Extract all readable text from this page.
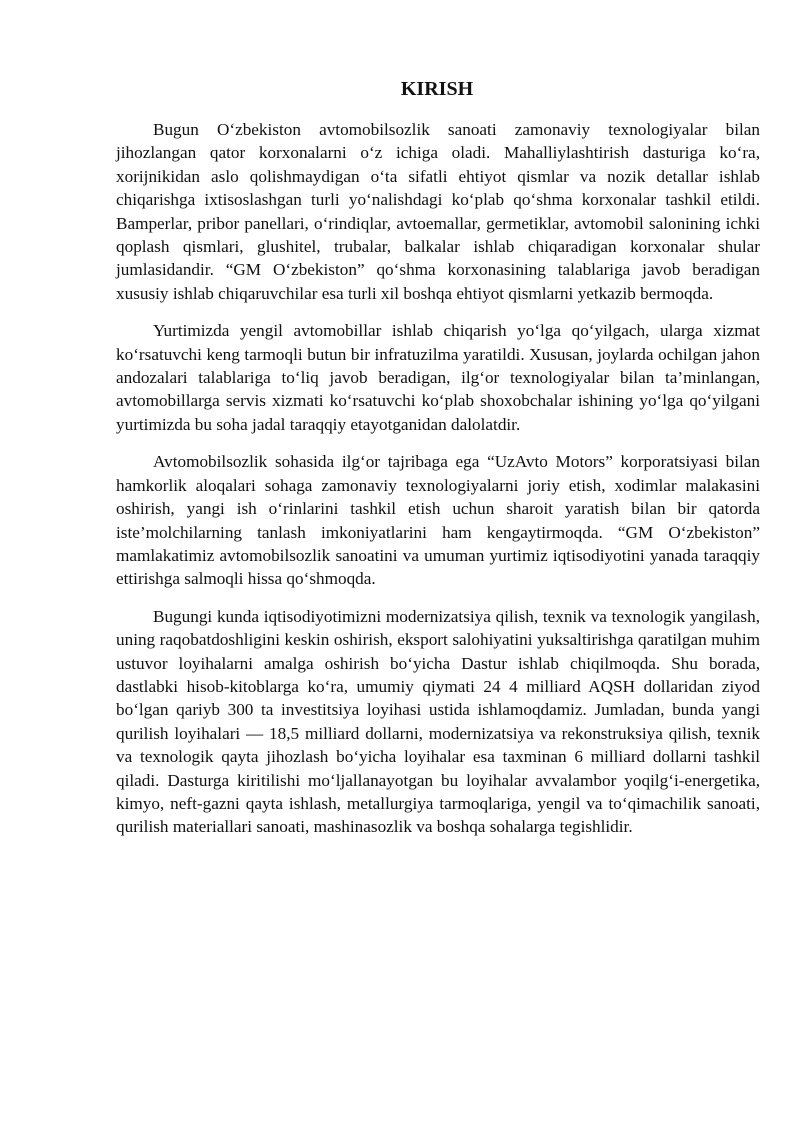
KIRISH

Bugun O‘zbekiston avtomobilsozlik sanoati zamonaviy texnologiyalar bilan jihozlangan qator korxonalarni o‘z ichiga oladi. Mahalliylashtirish dasturiga ko‘ra, xorijnikidan aslo qolishmaydigan o‘ta sifatli ehtiyot qismlar va nozik detallar ishlab chiqarishga ixtisoslashgan turli yo‘nalishdagi ko‘plab qo‘shma korxonalar tashkil etildi. Bamperlar, pribor panellari, o‘rindiqlar, avtoemallar, germetiklar, avtomobil salonining ichki qoplash qismlari, glushitel, trubalar, balkalar ishlab chiqaradigan korxonalar shular jumlasidandir. “GM O‘zbekiston” qo‘shma korxonasining talablariga javob beradigan xususiy ishlab chiqaruvchilar esa turli xil boshqa ehtiyot qismlarni yetkazib bermoqda.

Yurtimizda yengil avtomobillar ishlab chiqarish yo‘lga qo‘yilgach, ularga xizmat ko‘rsatuvchi keng tarmoqli butun bir infratuzilma yaratildi. Xususan, joylarda ochilgan jahon andozalari talablariga to‘liq javob beradigan, ilg‘or texnologiyalar bilan ta’minlangan, avtomobillarga servis xizmati ko‘rsatuvchi ko‘plab shoxobchalar ishining yo‘lga qo‘yilgani yurtimizda bu soha jadal taraqqiy etayotganidan dalolatdir.

Avtomobilsozlik sohasida ilg‘or tajribaga ega “UzAvto Motors” korporatsiyasi bilan hamkorlik aloqalari sohaga zamonaviy texnologiyalarni joriy etish, xodimlar malakasini oshirish, yangi ish o‘rinlarini tashkil etish uchun sharoit yaratish bilan bir qatorda iste’molchilarning tanlash imkoniyatlarini ham kengaytirmoqda. “GM O‘zbekiston” mamlakatimiz avtomobilsozlik sanoatini va umuman yurtimiz iqtisodiyotini yanada taraqqiy ettirishga salmoqli hissa qo‘shmoqda.

Bugungi kunda iqtisodiyotimizni modernizatsiya qilish, texnik va texnologik yangilash, uning raqobatdoshligini keskin oshirish, eksport salohiyatini yuksaltirishga qaratilgan muhim ustuvor loyihalarni amalga oshirish bo‘yicha Dastur ishlab chiqilmoqda. Shu borada, dastlabki hisob-kitoblarga ko‘ra, umumiy qiymati 24 4 milliard AQSH dollaridan ziyod bo‘lgan qariyb 300 ta investitsiya loyihasi ustida ishlamoqdamiz. Jumladan, bunda yangi qurilish loyihalari — 18,5 milliard dollarni, modernizatsiya va rekonstruksiya qilish, texnik va texnologik qayta jihozlash bo‘yicha loyihalar esa taxminan 6 milliard dollarni tashkil qiladi. Dasturga kiritilishi mo‘ljallanayotgan bu loyihalar avvalambor yoqilg‘i-energetika, kimyo, neft-gazni qayta ishlash, metallurgiya tarmoqlariga, yengil va to‘qimachilik sanoati, qurilish materiallari sanoati, mashinasozlik va boshqa sohalarga tegishlidir.
